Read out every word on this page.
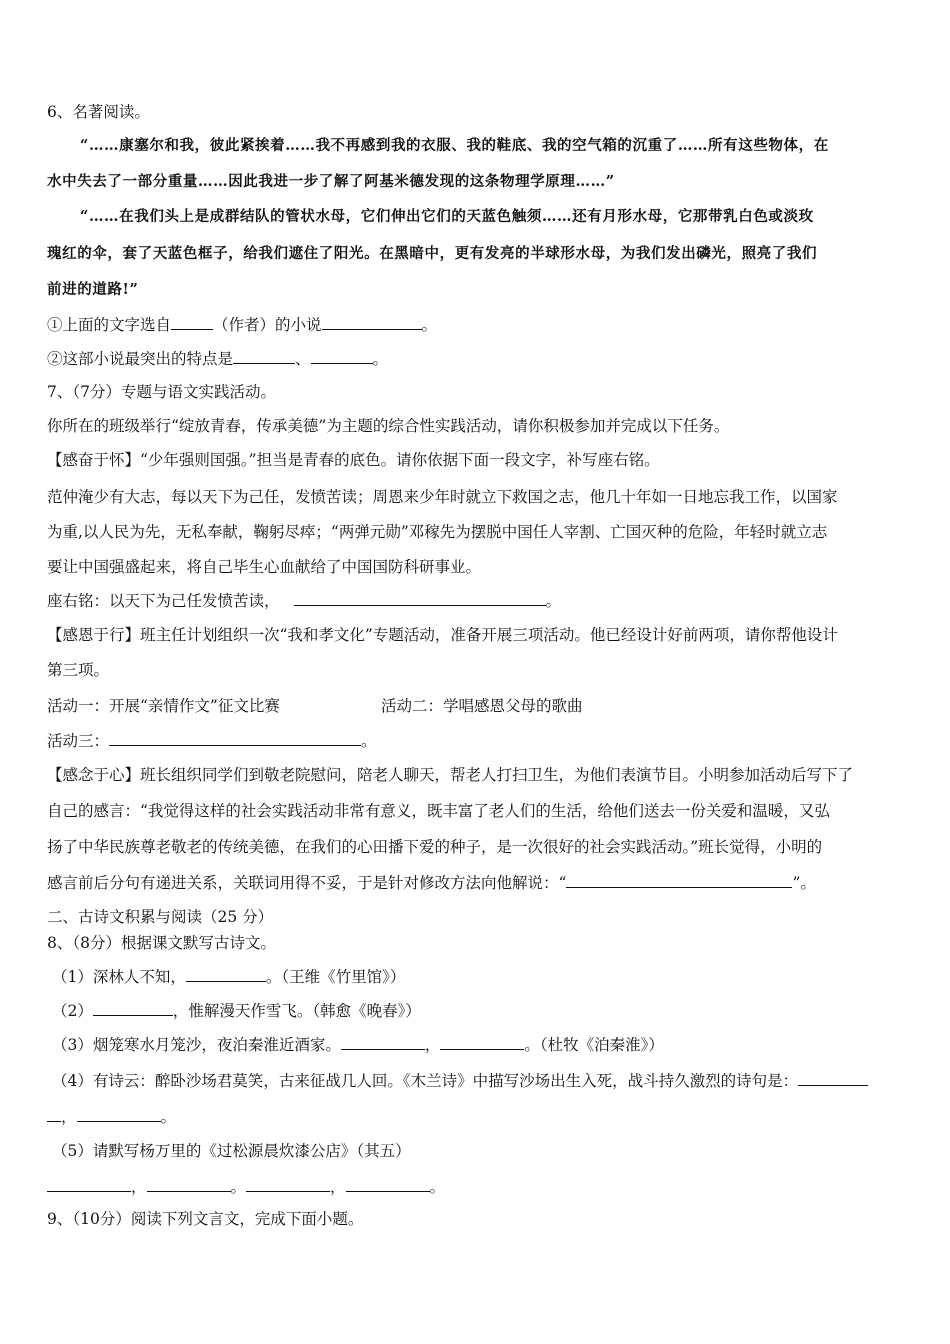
6、名著阅读。
“……康塞尔和我，彼此紧挨着……我不再感到我的衣服、我的鞋底、我的空气箱的沉重了……所有这些物体，在
水中失去了一部分重量……因此我进一步了解了阿基米德发现的这条物理学原理……”
“……在我们头上是成群结队的管状水母，它们伸出它们的天蓝色触须……还有月形水母，它那带乳白色或淡玫
瑰红的伞，套了天蓝色框子，给我们遮住了阳光。在黑暗中，更有发亮的半球形水母，为我们发出磷光，照亮了我们
前进的道路!”
①上面的文字选自	（作者）的小说	。
②这部小说最突出的特点是	、	。
7、（7分）专题与语文实践活动。
你所在的班级举行“绽放青春，传承美德”为主题的综合性实践活动，请你积极参加并完成以下任务。
【感奋于怀】“少年强则国强。”担当是青春的底色。请你依据下面一段文字，补写座右铭。
范仲淹少有大志，每以天下为己任，发愤苦读；周恩来少年时就立下救国之志，他几十年如一日地忘我工作，以国家
为重,以人民为先，无私奉献，鞠躬尽瘁；“两弹元勋”邓稼先为摆脱中国任人宰割、亡国灭种的危险，年轻时就立志
要让中国强盛起来，将自己毕生心血献给了中国国防科研事业。
座右铭：以天下为己任发愤苦读，	。
【感恩于行】班主任计划组织一次“我和孝文化”专题活动，准备开展三项活动。他已经设计好前两项，请你帮他设计
第三项。
活动一：开展“亲情作文”征文比赛	活动二：学唱感恩父母的歌曲
活动三：	。
【感念于心】班长组织同学们到敬老院慰问，陪老人聊天，帮老人打扫卫生，为他们表演节目。小明参加活动后写下了
自己的感言：“我觉得这样的社会实践活动非常有意义，既丰富了老人们的生活，给他们送去一份关爱和温暖，又弘
扬了中华民族尊老敬老的传统美德，在我们的心田播下爱的种子，是一次很好的社会实践活动。”班长觉得，小明的
感言前后分句有递进关系，关联词用得不妥，于是针对修改方法向他解说：“	”。
二、古诗文积累与阅读（25 分）
8、（8分）根据课文默写古诗文。
（1）深林人不知，	。（王维《竹里馆》）
（2）	，惟解漫天作雪飞。（韩愈《晚春》）
（3）烟笼寒水月笼沙，夜泊秦淮近酒家。	，	。（杜牧《泊秦淮》）
（4）有诗云：醉卧沙场君莫笑，古来征战几人回。《木兰诗》中描写沙场出生入死，战斗持久激烈的诗句是：
，	。
（5）请默写杨万里的《过松源晨炊漆公店》（其五）
，	。	，	。
9、（10分）阅读下列文言文，完成下面小题。
